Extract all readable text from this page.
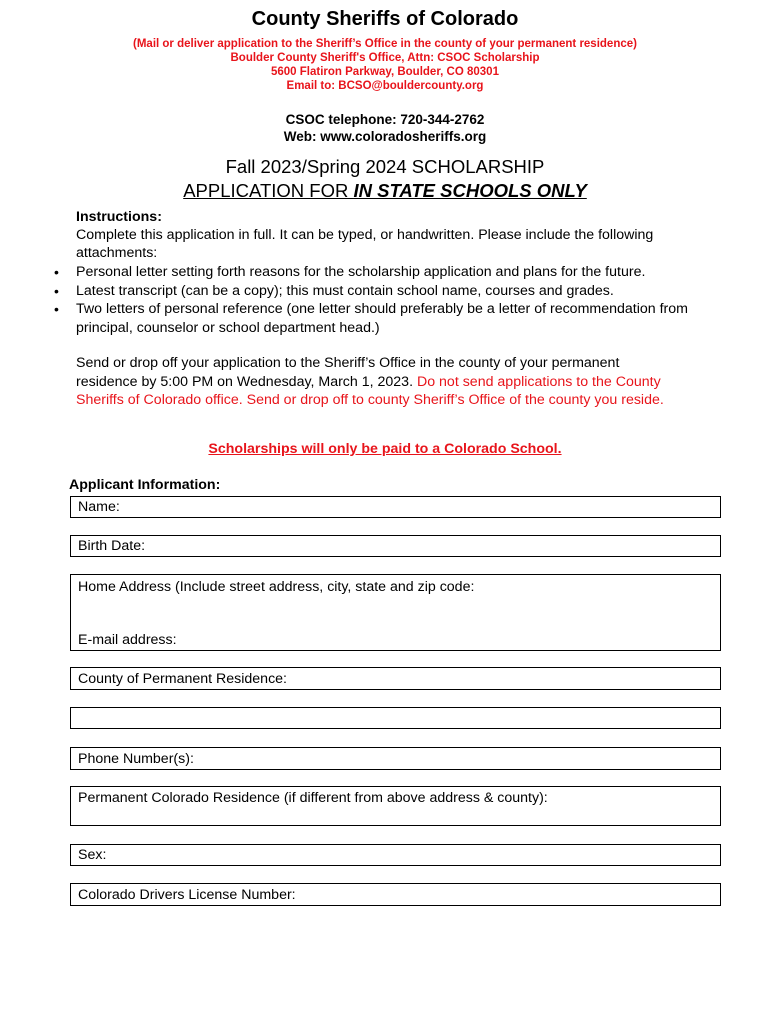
County Sheriffs of Colorado
(Mail or deliver application to the Sheriff’s Office in the county of your permanent residence)
Boulder County Sheriff's Office, Attn: CSOC Scholarship
5600 Flatiron Parkway, Boulder, CO 80301
Email to: BCSO@bouldercounty.org
CSOC telephone: 720-344-2762
Web: www.coloradosheriffs.org
Fall 2023/Spring 2024 SCHOLARSHIP
APPLICATION FOR IN STATE SCHOOLS ONLY
Instructions:
Complete this application in full. It can be typed, or handwritten. Please include the following
attachments:
• Personal letter setting forth reasons for the scholarship application and plans for the future.
• Latest transcript (can be a copy); this must contain school name, courses and grades.
• Two letters of personal reference (one letter should preferably be a letter of recommendation from principal, counselor or school department head.)
Send or drop off your application to the Sheriff’s Office in the county of your permanent
residence by 5:00 PM on Wednesday, March 1, 2023. Do not send applications to the County
Sheriffs of Colorado office. Send or drop off to county Sheriff’s Office of the county you reside.
Scholarships will only be paid to a Colorado School.
Applicant Information:
Name:
Birth Date:
Home Address (Include street address, city, state and zip code:
E-mail address:
County of Permanent Residence:
Phone Number(s):
Permanent Colorado Residence (if different from above address & county):
Sex:
Colorado Drivers License Number:
